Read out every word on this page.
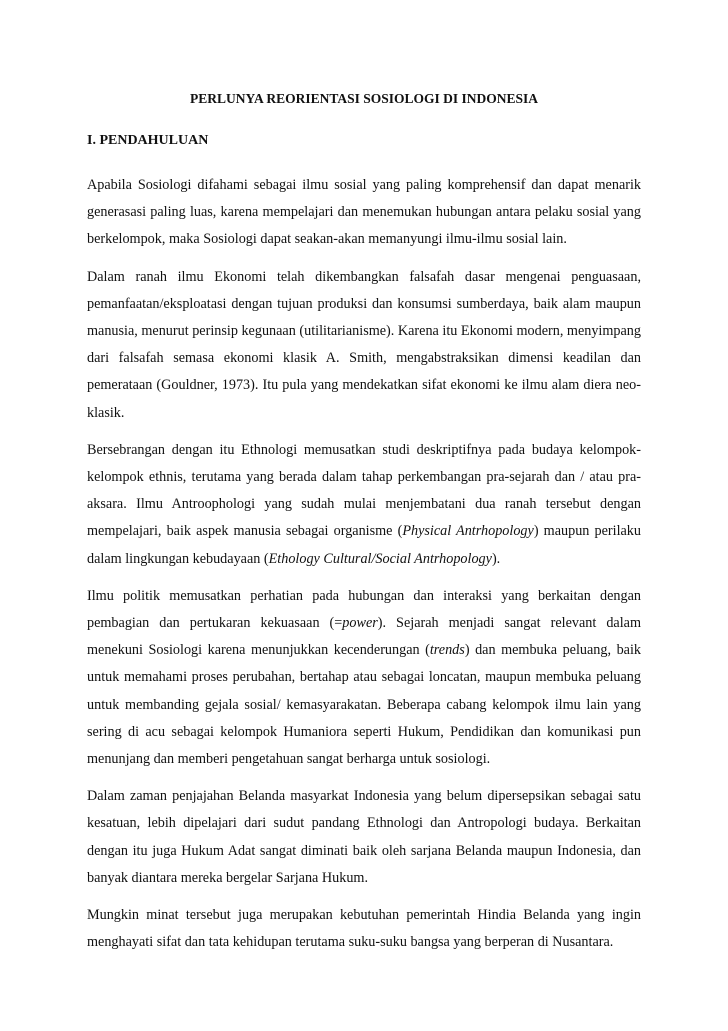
PERLUNYA REORIENTASI SOSIOLOGI DI INDONESIA
I. PENDAHULUAN

Apabila Sosiologi difahami sebagai ilmu sosial yang paling komprehensif dan dapat menarik generasasi paling luas, karena mempelajari dan menemukan hubungan antara pelaku sosial yang berkelompok, maka Sosiologi dapat seakan-akan memanyungi ilmu-ilmu sosial lain.

Dalam ranah ilmu Ekonomi telah dikembangkan falsafah dasar mengenai penguasaan, pemanfaatan/eksploatasi dengan tujuan produksi dan konsumsi sumberdaya, baik alam maupun manusia, menurut perinsip kegunaan (utilitarianisme). Karena itu Ekonomi modern, menyimpang dari falsafah semasa ekonomi klasik A. Smith, mengabstraksikan dimensi keadilan dan pemerataan (Gouldner, 1973). Itu pula yang mendekatkan sifat ekonomi ke ilmu alam diera neo-klasik.

Bersebrangan dengan itu Ethnologi memusatkan studi deskriptifnya pada budaya kelompok-kelompok ethnis, terutama yang berada dalam tahap perkembangan pra-sejarah dan / atau pra-aksara. Ilmu Antroophologi yang sudah mulai menjembatani dua ranah tersebut dengan mempelajari, baik aspek manusia sebagai organisme (Physical Antrhopology) maupun perilaku dalam lingkungan kebudayaan (Ethology Cultural/Social Antrhopology).

Ilmu politik memusatkan perhatian pada hubungan dan interaksi yang berkaitan dengan pembagian dan pertukaran kekuasaan (=power). Sejarah menjadi sangat relevant dalam menekuni Sosiologi karena menunjukkan kecenderungan (trends) dan membuka peluang, baik untuk memahami proses perubahan, bertahap atau sebagai loncatan, maupun membuka peluang untuk membanding gejala sosial/ kemasyarakatan. Beberapa cabang kelompok ilmu lain yang sering di acu sebagai kelompok Humaniora seperti Hukum, Pendidikan dan komunikasi pun menunjang dan memberi pengetahuan sangat berharga untuk sosiologi.

Dalam zaman penjajahan Belanda masyarkat Indonesia yang belum dipersepsikan sebagai satu kesatuan, lebih dipelajari dari sudut pandang Ethnologi dan Antropologi budaya. Berkaitan dengan itu juga Hukum Adat sangat diminati baik oleh sarjana Belanda maupun Indonesia, dan banyak diantara mereka bergelar Sarjana Hukum.

Mungkin minat tersebut juga merupakan kebutuhan pemerintah Hindia Belanda yang ingin menghayati sifat dan tata kehidupan terutama suku-suku bangsa yang berperan di Nusantara.
